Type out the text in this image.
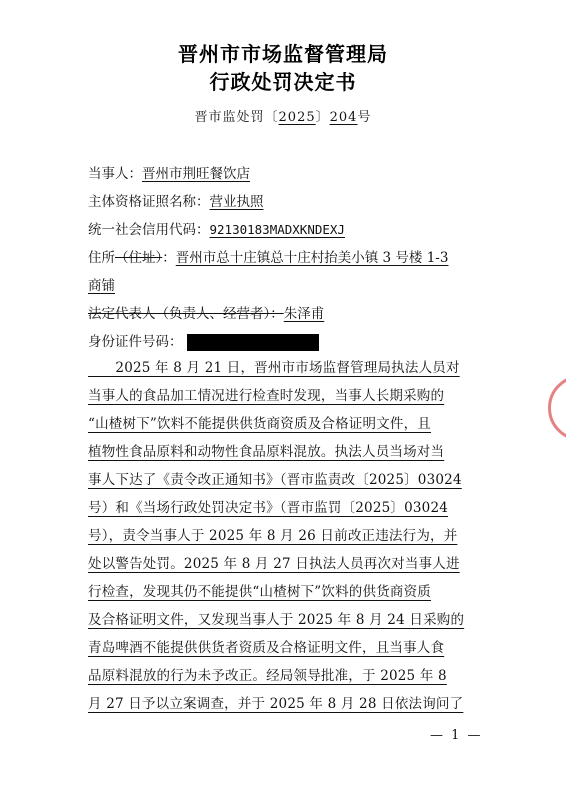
晋州市市场监督管理局
行政处罚决定书
晋市监处罚〔2025〕204号
当事人：晋州市荆旺餐饮店
主体资格证照名称：营业执照
统一社会信用代码：92130183MADXKNDEXJ
住所（住址）：晋州市总十庄镇总十庄村抬美小镇 3 号楼 1-3
商铺
法定代表人（负责人、经营者）：朱泽甫
身份证件号码：
　　2025 年 8 月 21 日，晋州市市场监督管理局执法人员对
当事人的食品加工情况进行检查时发现，当事人长期采购的
“山楂树下”饮料不能提供供货商资质及合格证明文件，且
植物性食品原料和动物性食品原料混放。执法人员当场对当
事人下达了《责令改正通知书》（晋市监责改〔2025〕03024
号）和《当场行政处罚决定书》（晋市监罚〔2025〕03024
号），责令当事人于 2025 年 8 月 26 日前改正违法行为，并
处以警告处罚。2025 年 8 月 27 日执法人员再次对当事人进
行检查，发现其仍不能提供“山楂树下”饮料的供货商资质
及合格证明文件，又发现当事人于 2025 年 8 月 24 日采购的
青岛啤酒不能提供供货者资质及合格证明文件，且当事人食
品原料混放的行为未予改正。经局领导批准，于 2025 年 8
月 27 日予以立案调查，并于 2025 年 8 月 28 日依法询问了
— 1 —
